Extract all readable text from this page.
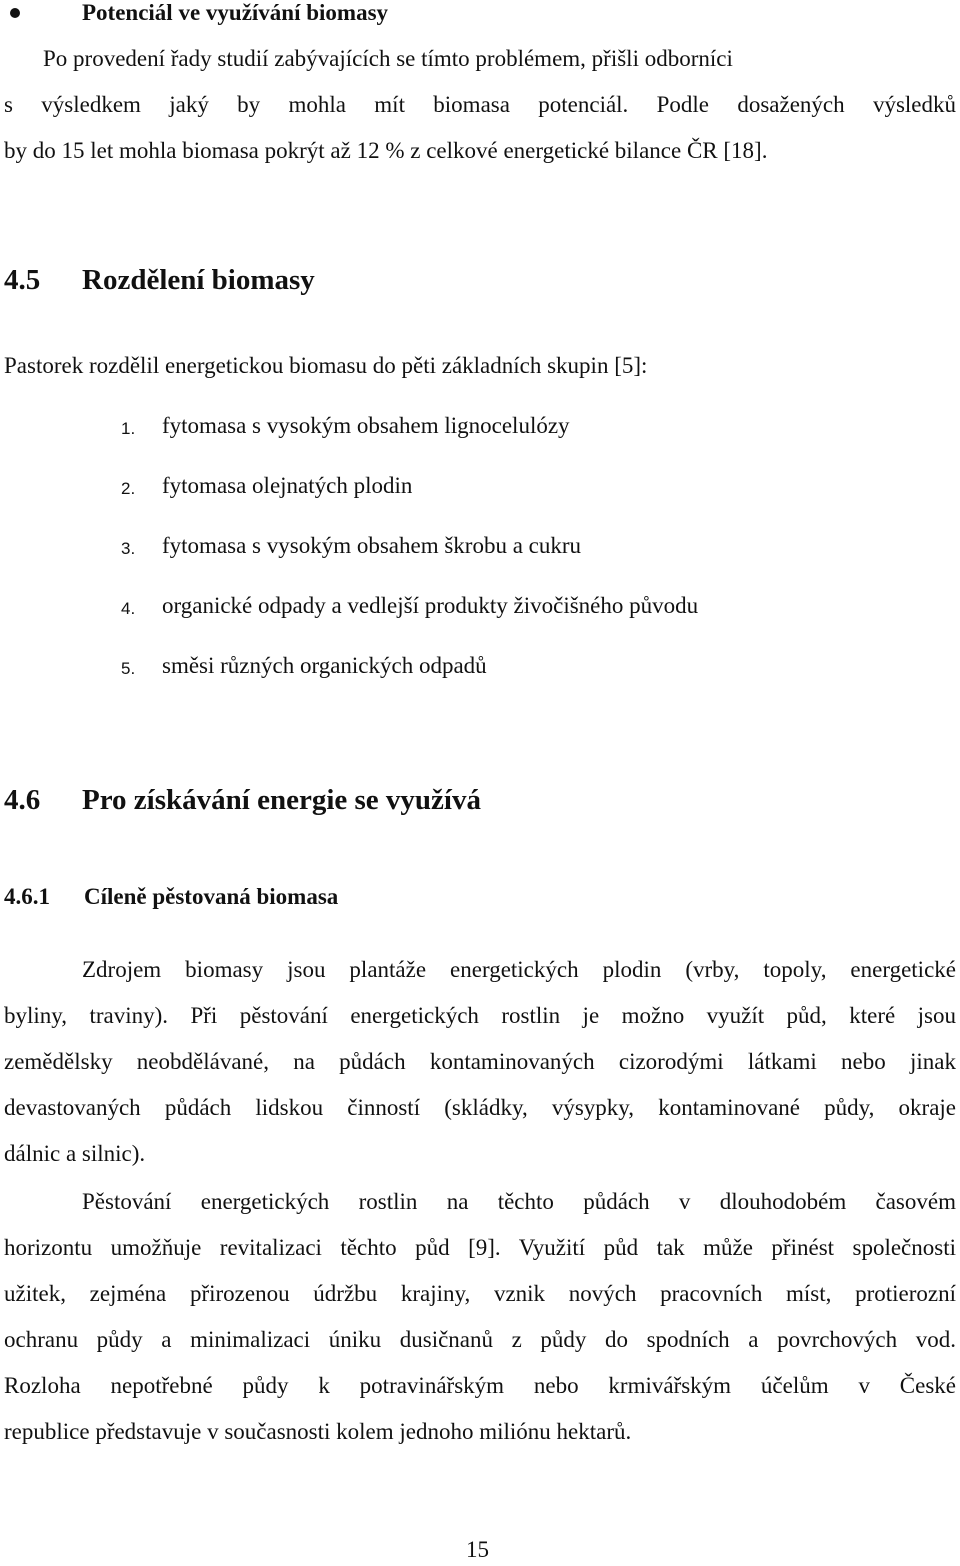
Potenciál ve využívání biomasy
Po provedení řady studií zabývajících se tímto problémem, přišli odborníci
s výsledkem jaký by mohla mít biomasa potenciál. Podle dosažených výsledků
by do 15 let mohla biomasa pokrýt až 12 % z celkové energetické bilance ČR [18].
4.5 Rozdělení biomasy
Pastorek rozdělil energetickou biomasu do pěti základních skupin [5]:
1. fytomasa s vysokým obsahem lignocelulózy
2. fytomasa olejnatých plodin
3. fytomasa s vysokým obsahem škrobu a cukru
4. organické odpady a vedlejší produkty živočišného původu
5. směsi různých organických odpadů
4.6 Pro získávání energie se využívá
4.6.1 Cíleně pěstovaná biomasa
Zdrojem biomasy jsou plantáže energetických plodin (vrby, topoly, energetické
byliny, traviny). Při pěstování energetických rostlin je možno využít půd, které jsou
zemědělsky neobdělávané, na půdách kontaminovaných cizorodými látkami nebo jinak
devastovaných půdách lidskou činností (skládky, výsypky, kontaminované půdy, okraje
dálnic a silnic).
Pěstování energetických rostlin na těchto půdách v dlouhodobém časovém
horizontu umožňuje revitalizaci těchto půd [9]. Využití půd tak může přinést společnosti
užitek, zejména přirozenou údržbu krajiny, vznik nových pracovních míst, protierozní
ochranu půdy a minimalizaci úniku dusičnanů z půdy do spodních a povrchových vod.
Rozloha nepotřebné půdy k potravinářským nebo krmivářským účelům v České
republice představuje v současnosti kolem jednoho miliónu hektarů.
15
